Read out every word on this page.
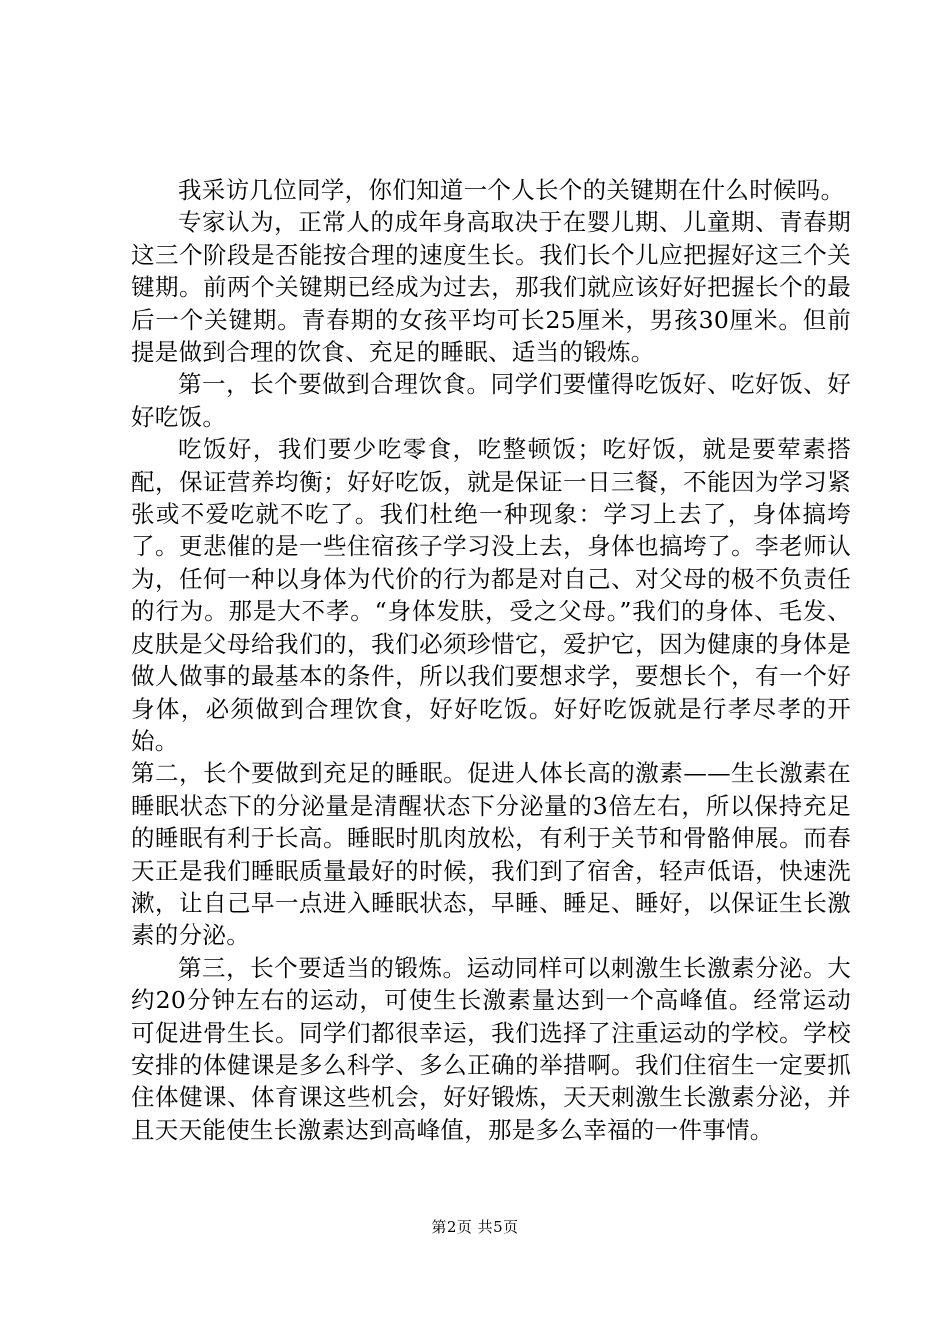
我采访几位同学，你们知道一个人长个的关键期在什么时候吗。

专家认为，正常人的成年身高取决于在婴儿期、儿童期、青春期这三个阶段是否能按合理的速度生长。我们长个儿应把握好这三个关键期。前两个关键期已经成为过去，那我们就应该好好把握长个的最后一个关键期。青春期的女孩平均可长25厘米，男孩30厘米。但前提是做到合理的饮食、充足的睡眠、适当的锻炼。

第一，长个要做到合理饮食。同学们要懂得吃饭好、吃好饭、好好吃饭。

吃饭好，我们要少吃零食，吃整顿饭；吃好饭，就是要荤素搭配，保证营养均衡；好好吃饭，就是保证一日三餐，不能因为学习紧张或不爱吃就不吃了。我们杜绝一种现象：学习上去了，身体搞垮了。更悲催的是一些住宿孩子学习没上去，身体也搞垮了。李老师认为，任何一种以身体为代价的行为都是对自己、对父母的极不负责任的行为。那是大不孝。“身体发肤，受之父母。”我们的身体、毛发、皮肤是父母给我们的，我们必须珍惜它，爱护它，因为健康的身体是做人做事的最基本的条件，所以我们要想求学，要想长个，有一个好身体，必须做到合理饮食，好好吃饭。好好吃饭就是行孝尽孝的开始。

第二，长个要做到充足的睡眠。促进人体长高的激素——生长激素在睡眠状态下的分泌量是清醒状态下分泌量的3倍左右，所以保持充足的睡眠有利于长高。睡眠时肌肉放松，有利于关节和骨骼伸展。而春天正是我们睡眠质量最好的时候，我们到了宿舍，轻声低语，快速洗漱，让自己早一点进入睡眠状态，早睡、睡足、睡好，以保证生长激素的分泌。

第三，长个要适当的锻炼。运动同样可以刺激生长激素分泌。大约20分钟左右的运动，可使生长激素量达到一个高峰值。经常运动可促进骨生长。同学们都很幸运，我们选择了注重运动的学校。学校安排的体健课是多么科学、多么正确的举措啊。我们住宿生一定要抓住体健课、体育课这些机会，好好锻炼，天天刺激生长激素分泌，并且天天能使生长激素达到高峰值，那是多么幸福的一件事情。

第2页 共5页
